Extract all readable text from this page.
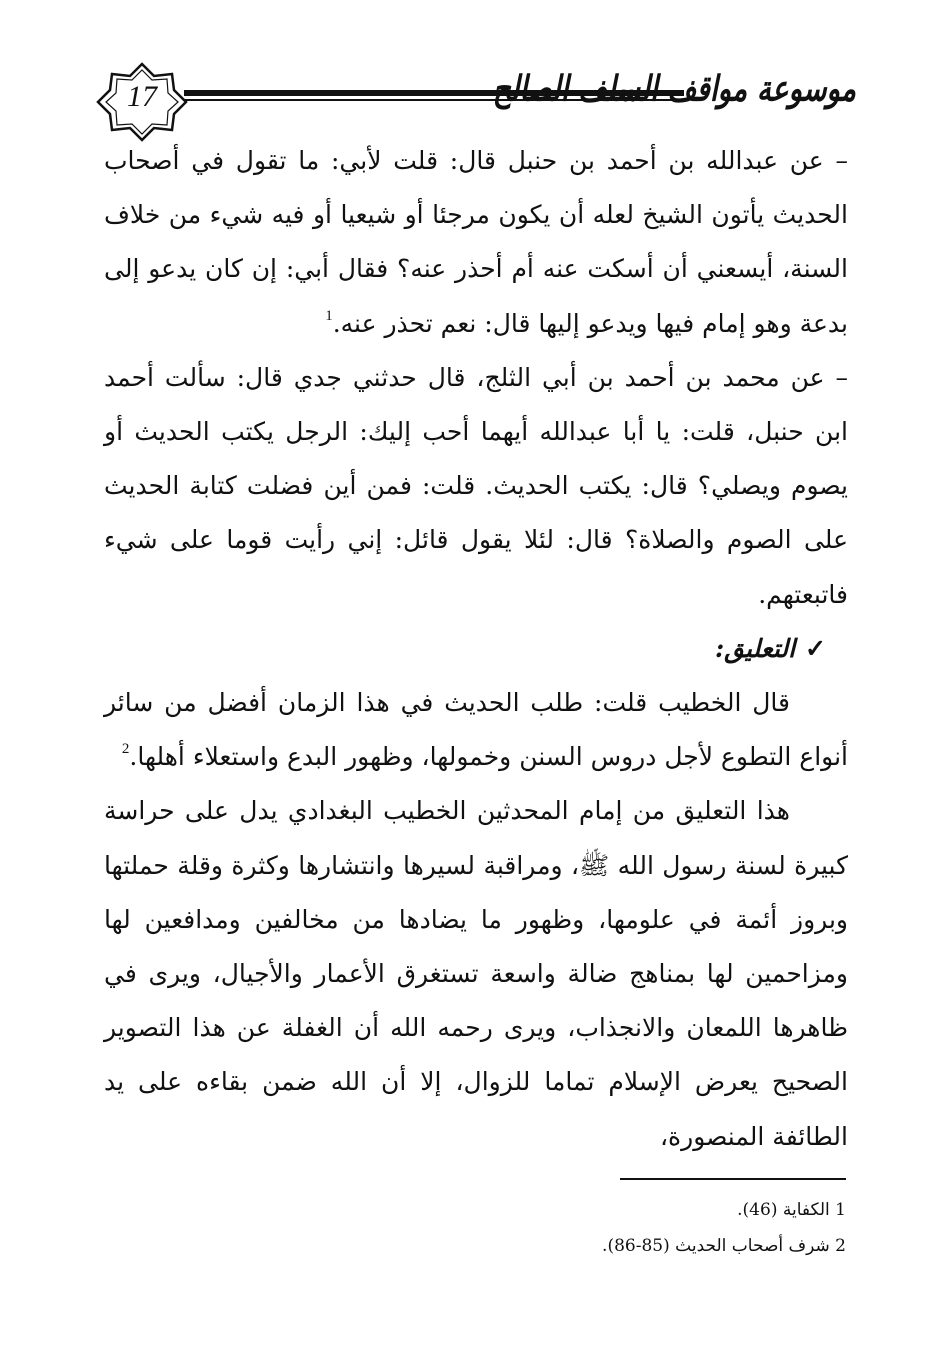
17	موسوعة مواقف السلف الصالح

– عن عبدالله بن أحمد بن حنبل قال: قلت لأبي: ما تقول في أصحاب الحديث يأتون الشيخ لعله أن يكون مرجئا أو شيعيا أو فيه شيء من خلاف السنة، أيسعني أن أسكت عنه أم أحذر عنه؟ فقال أبي: إن كان يدعو إلى بدعة وهو إمام فيها ويدعو إليها قال: نعم تحذر عنه.$^1$

– عن محمد بن أحمد بن أبي الثلج، قال حدثني جدي قال: سألت أحمد ابن حنبل، قلت: يا أبا عبدالله أيهما أحب إليك: الرجل يكتب الحديث أو يصوم ويصلي؟ قال: يكتب الحديث. قلت: فمن أين فضلت كتابة الحديث على الصوم والصلاة؟ قال: لئلا يقول قائل: إني رأيت قوما على شيء فاتبعتهم.

✓التعليق:

قال الخطيب قلت: طلب الحديث في هذا الزمان أفضل من سائر أنواع التطوع لأجل دروس السنن وخمولها، وظهور البدع واستعلاء أهلها.$^2$

هذا التعليق من إمام المحدثين الخطيب البغدادي يدل على حراسة كبيرة لسنة رسول الله ﷺ، ومراقبة لسيرها وانتشارها وكثرة وقلة حملتها وبروز أئمة في علومها، وظهور ما يضادها من مخالفين ومدافعين لها ومزاحمين لها بمناهج ضالة واسعة تستغرق الأعمار والأجيال، ويرى في ظاهرها اللمعان والانجذاب، ويرى رحمه الله أن الغفلة عن هذا التصوير الصحيح يعرض الإسلام تماما للزوال، إلا أن الله ضمن بقاءه على يد الطائفة المنصورة،

1 الكفاية (46).

2 شرف أصحاب الحديث (85-86).
